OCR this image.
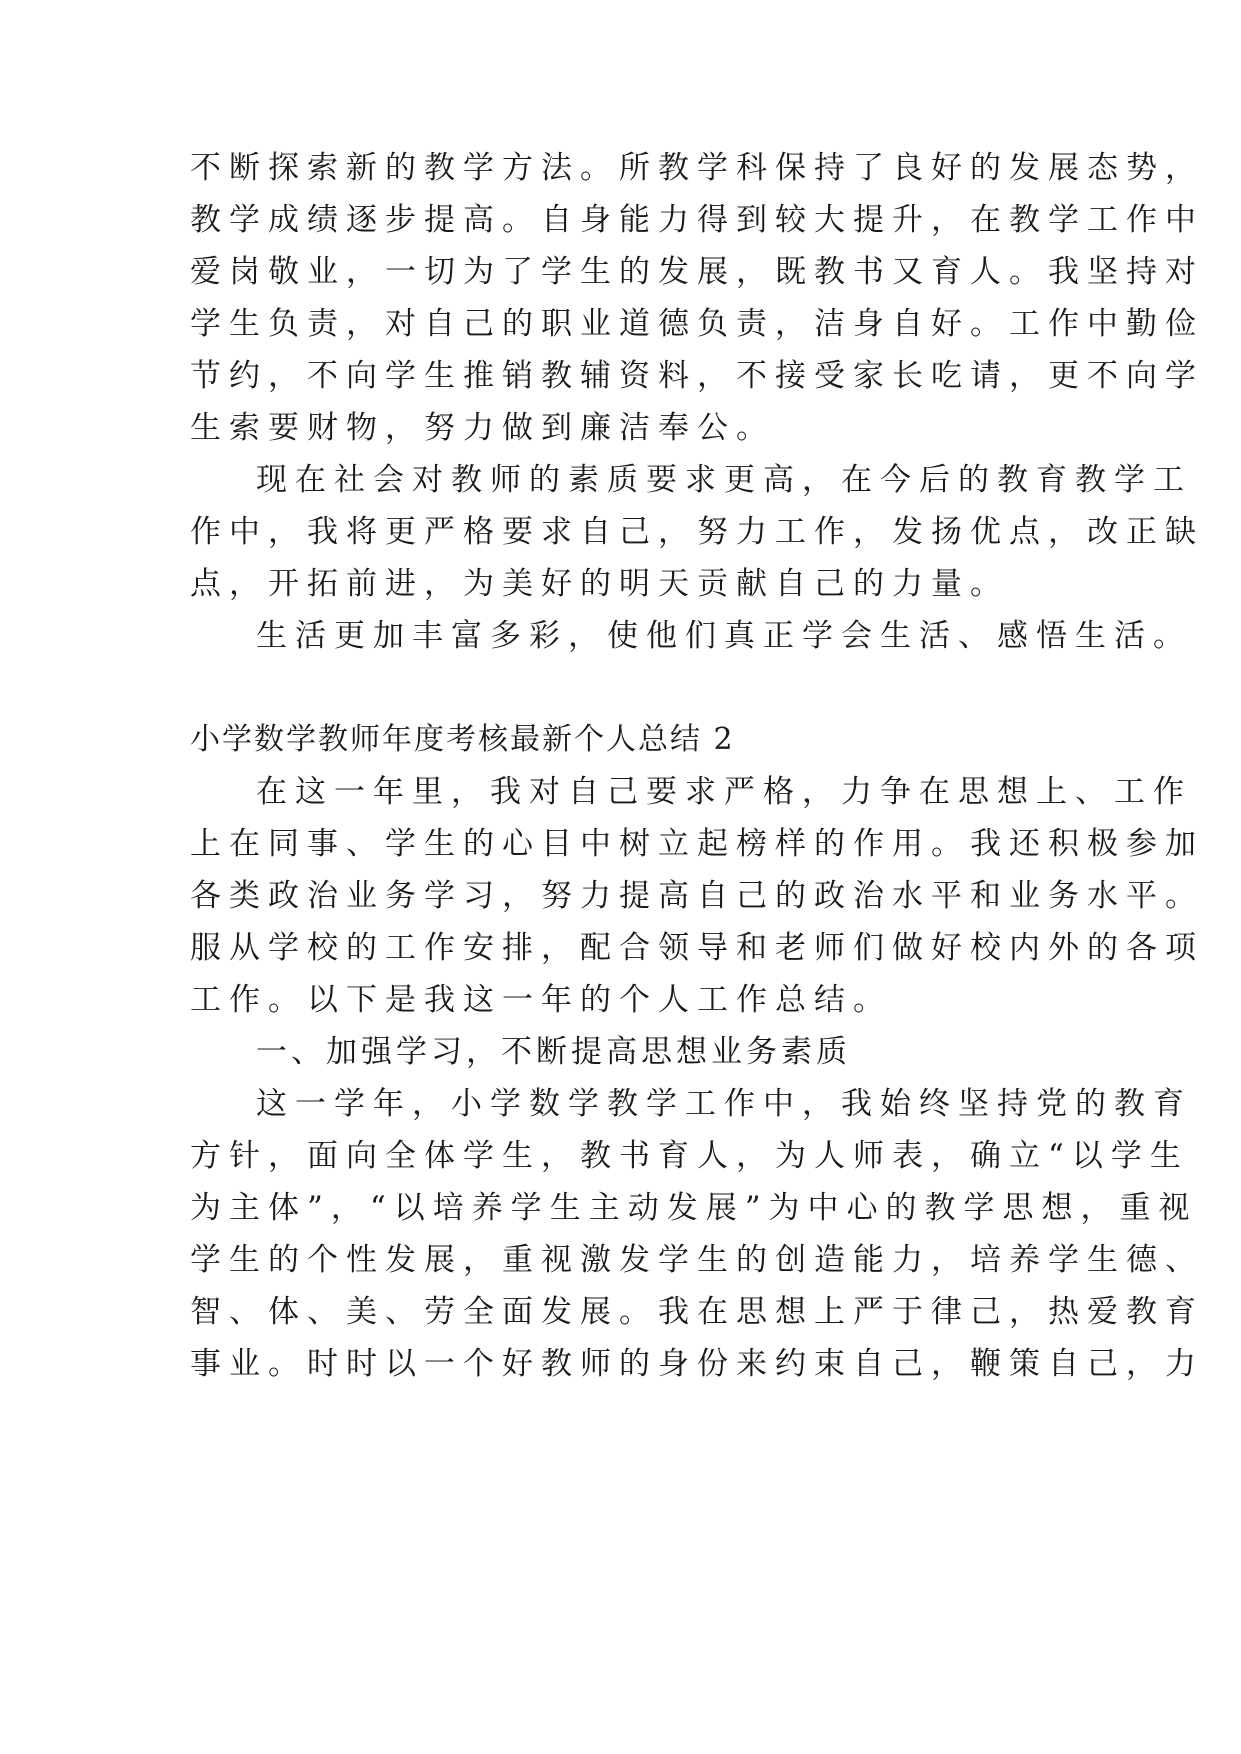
不断探索新的教学方法。所教学科保持了良好的发展态势，

教学成绩逐步提高。自身能力得到较大提升，在教学工作中

爱岗敬业，一切为了学生的发展，既教书又育人。我坚持对

学生负责，对自己的职业道德负责，洁身自好。工作中勤俭

节约，不向学生推销教辅资料，不接受家长吃请，更不向学

生索要财物，努力做到廉洁奉公。

现在社会对教师的素质要求更高，在今后的教育教学工

作中，我将更严格要求自己，努力工作，发扬优点，改正缺

点，开拓前进，为美好的明天贡献自己的力量。

生活更加丰富多彩，使他们真正学会生活、感悟生活。

小学数学教师年度考核最新个人总结 2

在这一年里，我对自己要求严格，力争在思想上、工作

上在同事、学生的心目中树立起榜样的作用。我还积极参加

各类政治业务学习，努力提高自己的政治水平和业务水平。

服从学校的工作安排，配合领导和老师们做好校内外的各项

工作。以下是我这一年的个人工作总结。

一、加强学习，不断提高思想业务素质

这一学年，小学数学教学工作中，我始终坚持党的教育

方针，面向全体学生，教书育人，为人师表，确立“以学生

为主体”，“以培养学生主动发展”为中心的教学思想，重视

学生的个性发展，重视激发学生的创造能力，培养学生德、

智、体、美、劳全面发展。我在思想上严于律己，热爱教育

事业。时时以一个好教师的身份来约束自己，鞭策自己，力
